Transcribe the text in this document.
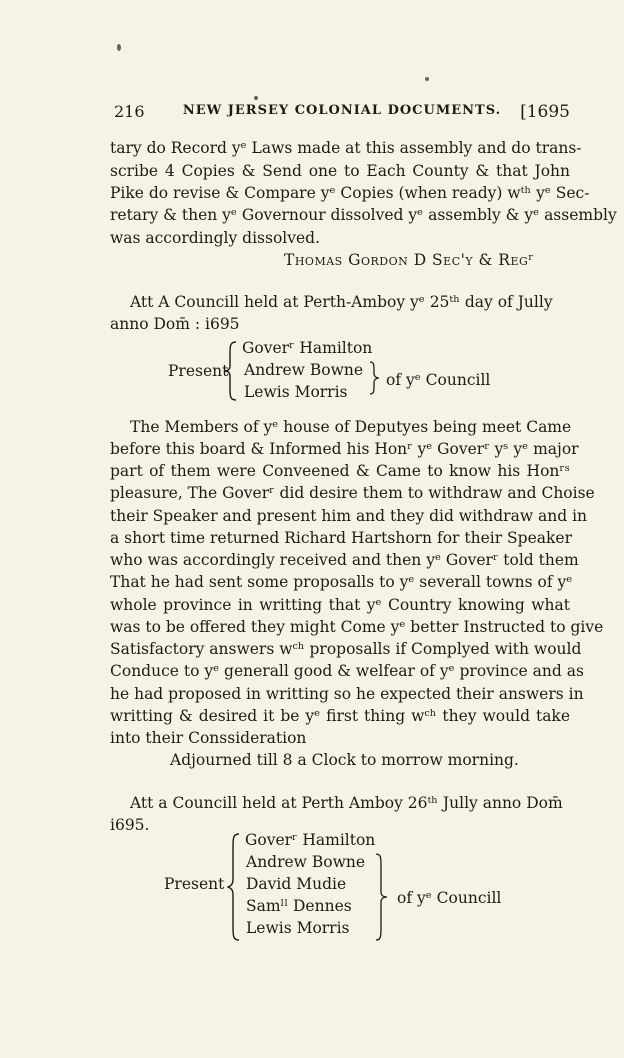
216	NEW JERSEY COLONIAL DOCUMENTS.	[1695
tary do Record yᵉ Laws made at this assembly and do trans-
scribe 4 Copies & Send one to Each County & that John
Pike do revise & Compare yᵉ Copies (when ready) wᵗʰ yᵉ Sec-
retary & then yᵉ Governour dissolved yᵉ assembly & yᵉ assembly
was accordingly dissolved.
Thomas Gordon D Sec'y & Regʳ
Att A Councill held at Perth-Amboy yᵉ 25ᵗʰ day of Jully
anno Dom̄ : i695
Present
Goverʳ Hamilton
Andrew Bowne
Lewis Morris
of yᵉ Councill
The Members of yᵉ house of Deputyes being meet Came
before this board & Informed his Honʳ yᵉ Goverʳ yˢ yᵉ major
part of them were Conveened & Came to know his Honʳˢ
pleasure, The Goverʳ did desire them to withdraw and Choise
their Speaker and present him and they did withdraw and in
a short time returned Richard Hartshorn for their Speaker
who was accordingly received and then yᵉ Goverʳ told them
That he had sent some proposalls to yᵉ severall towns of yᵉ
whole province in writting that yᵉ Country knowing what
was to be offered they might Come yᵉ better Instructed to give
Satisfactory answers wᶜʰ proposalls if Complyed with would
Conduce to yᵉ generall good & welfear of yᵉ province and as
he had proposed in writting so he expected their answers in
writting & desired it be yᵉ first thing wᶜʰ they would take
into their Conssideration
Adjourned till 8 a Clock to morrow morning.
Att a Councill held at Perth Amboy 26ᵗʰ Jully anno Dom̄
i695.
Present
Goverʳ Hamilton
Andrew Bowne
David Mudie
Samˡˡ Dennes
Lewis Morris
of yᵉ Councill
